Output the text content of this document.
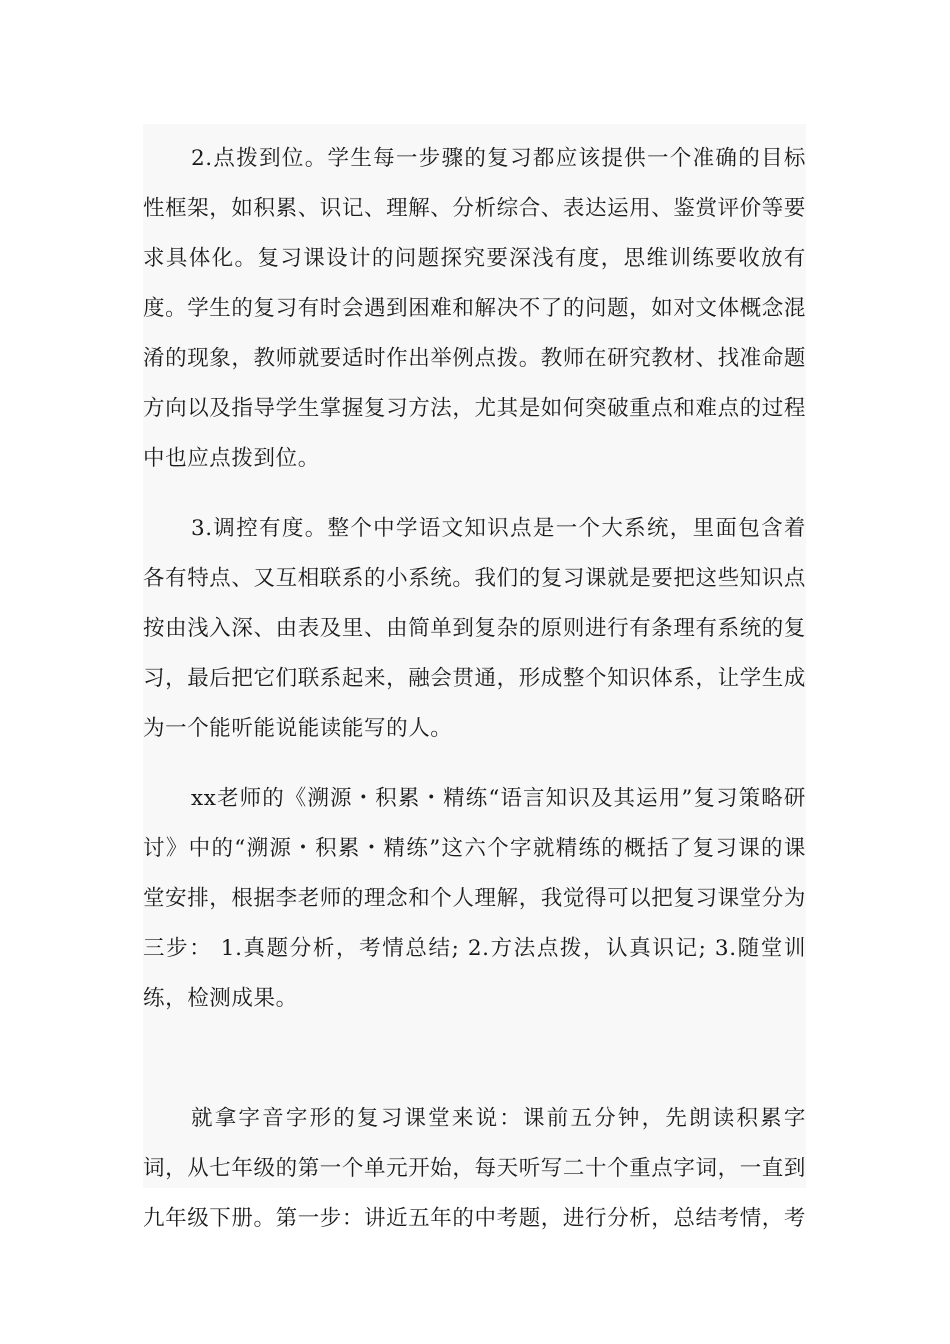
2.点拨到位。学生每一步骤的复习都应该提供一个准确的目标性框架，如积累、识记、理解、分析综合、表达运用、鉴赏评价等要求具体化。复习课设计的问题探究要深浅有度，思维训练要收放有度。学生的复习有时会遇到困难和解决不了的问题，如对文体概念混淆的现象，教师就要适时作出举例点拨。教师在研究教材、找准命题方向以及指导学生掌握复习方法，尤其是如何突破重点和难点的过程中也应点拨到位。

3.调控有度。整个中学语文知识点是一个大系统，里面包含着各有特点、又互相联系的小系统。我们的复习课就是要把这些知识点按由浅入深、由表及里、由简单到复杂的原则进行有条理有系统的复习，最后把它们联系起来，融会贯通，形成整个知识体系，让学生成为一个能听能说能读能写的人。

xx老师的《溯源・积累・精练“语言知识及其运用”复习策略研讨》中的“溯源・积累・精练”这六个字就精练的概括了复习课的课堂安排，根据李老师的理念和个人理解，我觉得可以把复习课堂分为三步： 1.真题分析，考情总结; 2.方法点拨，认真识记; 3.随堂训练，检测成果。

就拿字音字形的复习课堂来说：课前五分钟，先朗读积累字词，从七年级的第一个单元开始，每天听写二十个重点字词，一直到九年级下册。第一步：讲近五年的中考题，进行分析，总结考情，考
